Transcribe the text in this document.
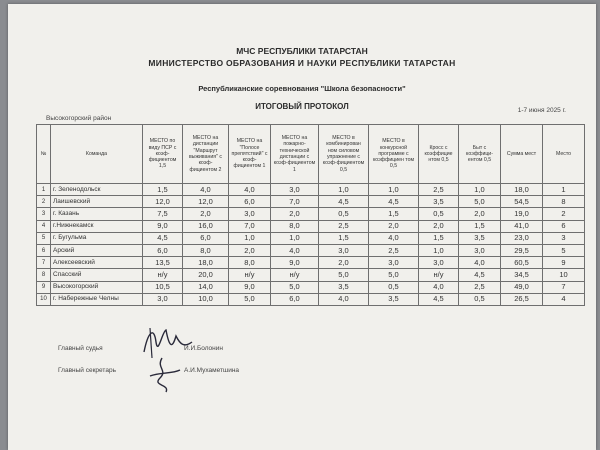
МЧС РЕСПУБЛИКИ ТАТАРСТАН
МИНИСТЕРСТВО ОБРАЗОВАНИЯ И НАУКИ РЕСПУБЛИКИ ТАТАРСТАН
Республиканские соревнования "Школа безопасности"
ИТОГОВЫЙ ПРОТОКОЛ	1-7 июня 2025 г.
Высокогорский район
№	Команда	МЕСТО по виду ПСР с коэф-фициентом 1,5	МЕСТО на дистанции "Маршрут выживания" с коэф-фициентом 2	МЕСТО на "Полосе препятствий" с коэф-фициентом 1	МЕСТО на пожарно-технической дистанции с коэф-фициентом 1	МЕСТО в комбинирован ном силовом упражнение с коэф-фициентом 0,5	МЕСТО в конкурсной программе с коэффициен том 0,5	Кросс с коэффицие нтом 0,5	Быт с коэффици-ентом 0,5	Сумма мест	Место
1	г. Зеленодольск	1,5	4,0	4,0	3,0	1,0	1,0	2,5	1,0	18,0	1
2	Лаишевский	12,0	12,0	6,0	7,0	4,5	4,5	3,5	5,0	54,5	8
3	г. Казань	7,5	2,0	3,0	2,0	0,5	1,5	0,5	2,0	19,0	2
4	г.Нижнекамск	9,0	16,0	7,0	8,0	2,5	2,0	2,0	1,5	41,0	6
5	г. Бугульма	4,5	6,0	1,0	1,0	1,5	4,0	1,5	3,5	23,0	3
6	Арский	6,0	8,0	2,0	4,0	3,0	2,5	1,0	3,0	29,5	5
7	Алексеевский	13,5	18,0	8,0	9,0	2,0	3,0	3,0	4,0	60,5	9
8	Спасский	н/у	20,0	н/у	н/у	5,0	5,0	н/у	4,5	34,5	10
9	Высокогорский	10,5	14,0	9,0	5,0	3,5	0,5	4,0	2,5	49,0	7
10	г. Набережные Челны	3,0	10,0	5,0	6,0	4,0	3,5	4,5	0,5	26,5	4
Главный судья	И.И.Болонин
Главный секретарь	А.И.Мухаметшина
